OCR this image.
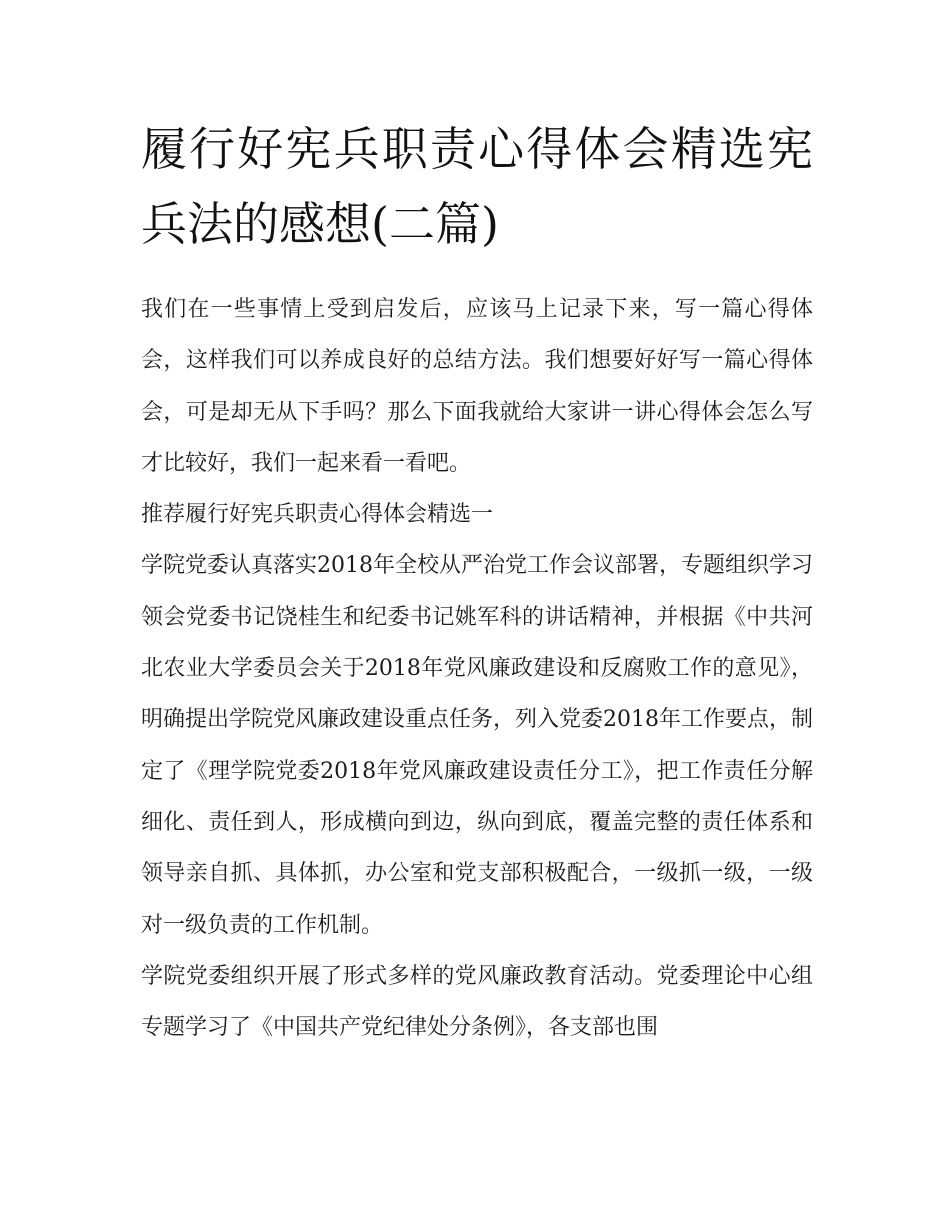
履行好宪兵职责心得体会精选宪兵法的感想(二篇)

我们在一些事情上受到启发后，应该马上记录下来，写一篇心得体会，这样我们可以养成良好的总结方法。我们想要好好写一篇心得体会，可是却无从下手吗？那么下面我就给大家讲一讲心得体会怎么写才比较好，我们一起来看一看吧。

推荐履行好宪兵职责心得体会精选一

学院党委认真落实2018年全校从严治党工作会议部署，专题组织学习领会党委书记饶桂生和纪委书记姚军科的讲话精神，并根据《中共河北农业大学委员会关于2018年党风廉政建设和反腐败工作的意见》，明确提出学院党风廉政建设重点任务，列入党委2018年工作要点，制定了《理学院党委2018年党风廉政建设责任分工》，把工作责任分解细化、责任到人，形成横向到边，纵向到底，覆盖完整的责任体系和领导亲自抓、具体抓，办公室和党支部积极配合，一级抓一级，一级对一级负责的工作机制。

学院党委组织开展了形式多样的党风廉政教育活动。党委理论中心组专题学习了《中国共产党纪律处分条例》，各支部也围
